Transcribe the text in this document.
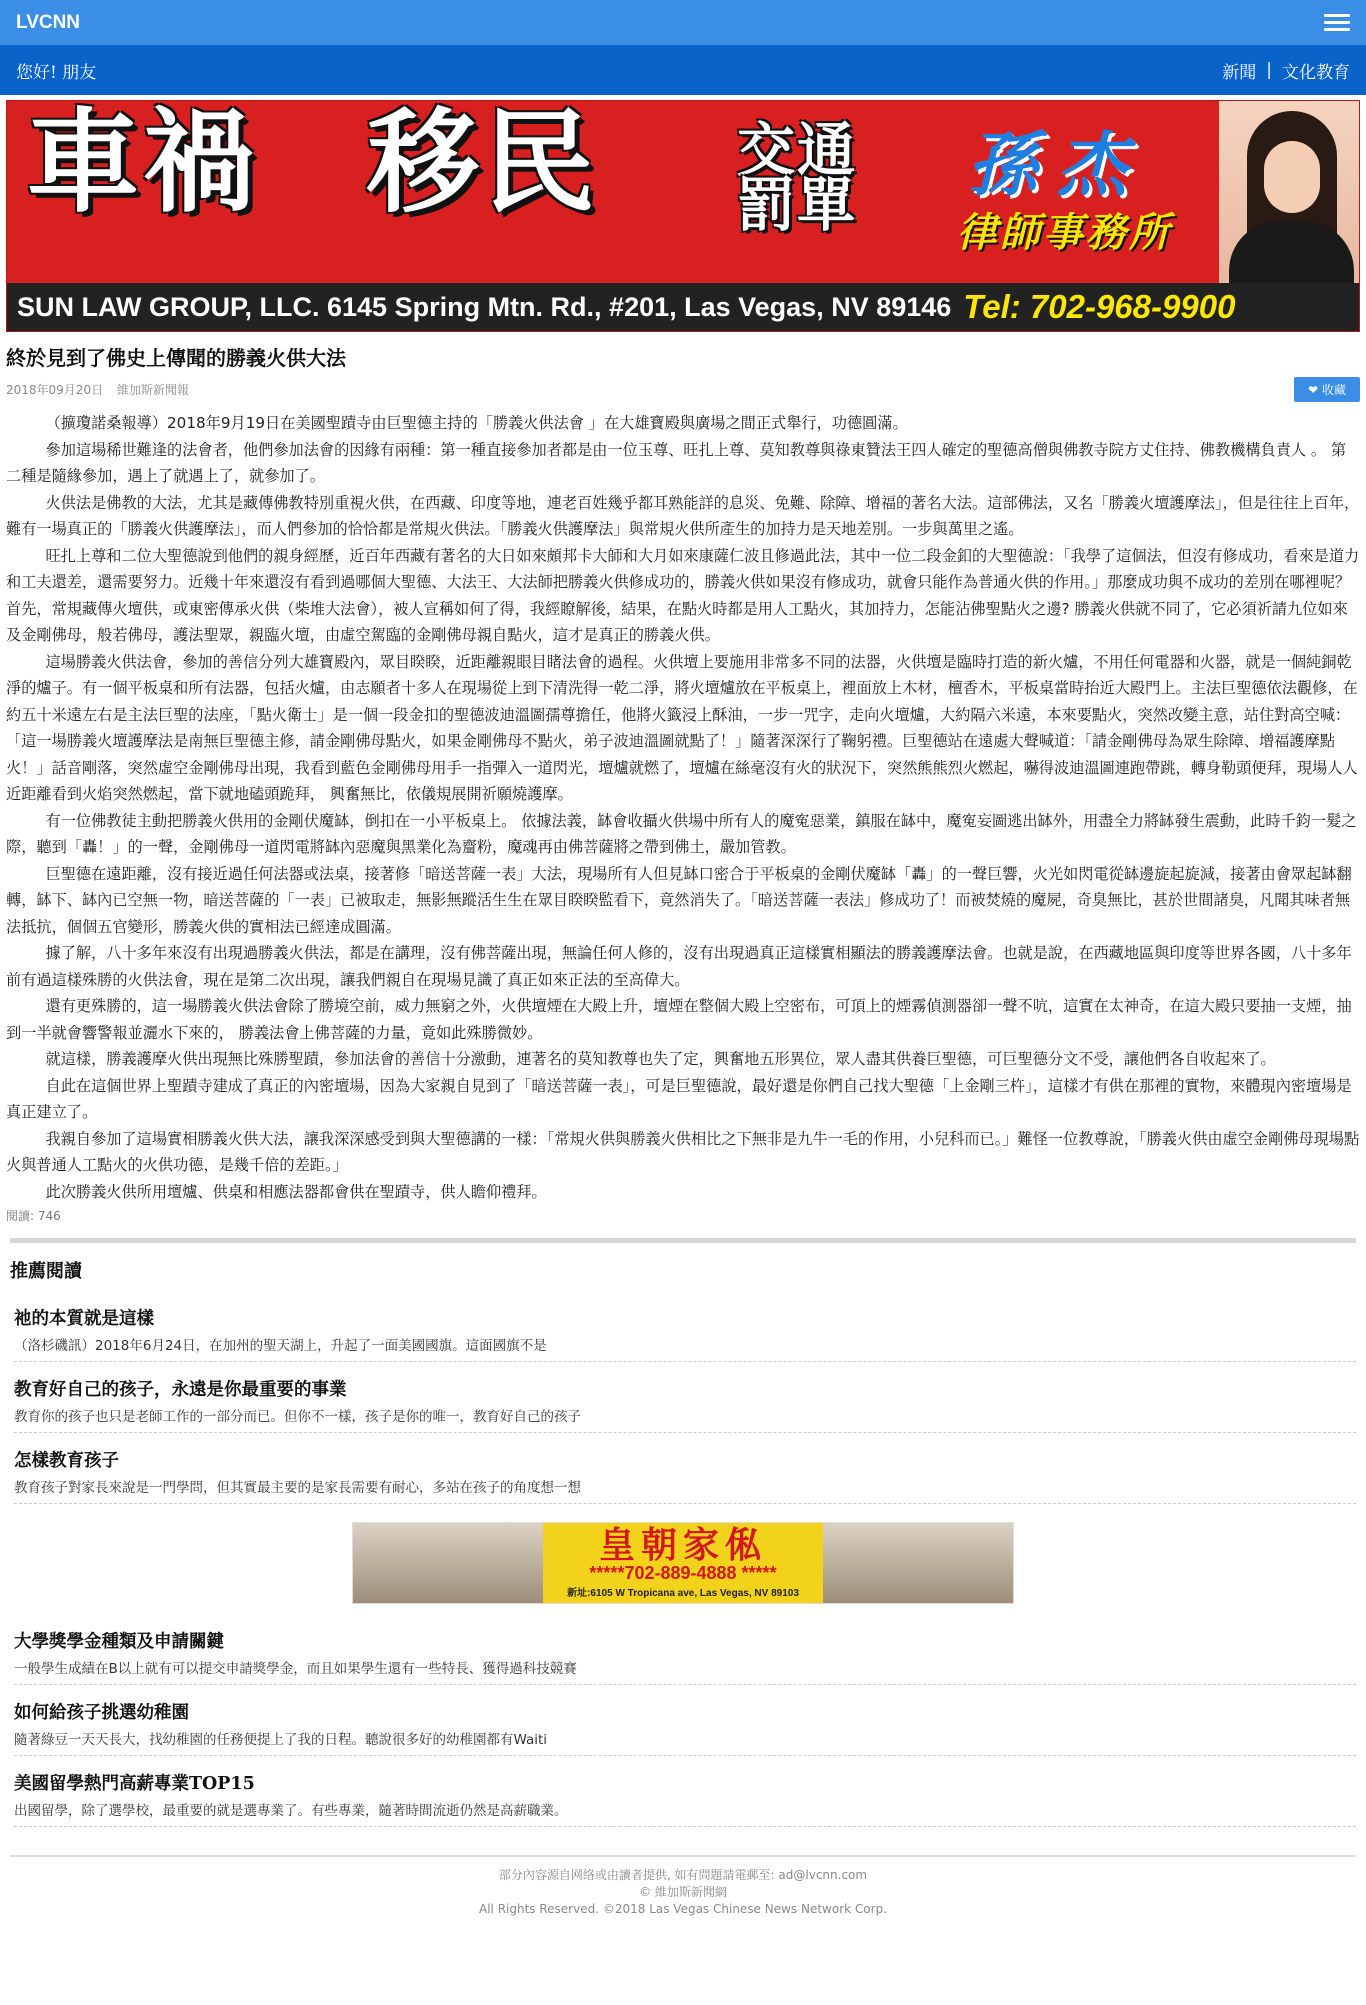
LVCNN
您好! 朋友	新聞 | 文化教育
車禍 移民 交通
罰單 孫杰
律師事務所
SUN LAW GROUP, LLC. 6145 Spring Mtn. Rd., #201, Las Vegas, NV 89146 Tel: 702-968-9900
終於見到了佛史上傳聞的勝義火供大法
2018年09月20日 維加斯新聞報	❤ 收藏

（擴瓊諾桑報導）2018年9月19日在美國聖蹟寺由巨聖德主持的「勝義火供法會 」在大雄寶殿與廣場之間正式舉行，功德圓滿。

參加這場稀世難逢的法會者，他們參加法會的因緣有兩種：第一種直接參加者都是由一位玉尊、旺扎上尊、莫知教尊與祿東贊法王四人確定的聖德高僧與佛教寺院方丈住持、佛教機構負責人 。 第二種是隨緣參加，遇上了就遇上了，就參加了。

火供法是佛教的大法，尤其是藏傳佛教特別重視火供，在西藏、印度等地，連老百姓幾乎都耳熟能詳的息災、免難、除障、增福的著名大法。這部佛法，又名「勝義火壇護摩法」，但是往往上百年，難有一場真正的「勝義火供護摩法」，而人們參加的恰恰都是常規火供法。「勝義火供護摩法」與常規火供所產生的加持力是天地差別。一步與萬里之遙。

旺扎上尊和二位大聖德說到他們的親身經歷，近百年西藏有著名的大日如來頗邦卡大師和大月如來康薩仁波且修過此法，其中一位二段金釦的大聖德說：「我學了這個法，但沒有修成功，看來是道力和工夫還差，還需要努力。近幾十年來還沒有看到過哪個大聖德、大法王、大法師把勝義火供修成功的，勝義火供如果沒有修成功，就會只能作為普通火供的作用。」那麼成功與不成功的差別在哪裡呢？ 首先，常規藏傳火壇供，或東密傳承火供（柴堆大法會），被人宣稱如何了得，我經瞭解後，結果，在點火時都是用人工點火，其加持力，怎能沾佛聖點火之邊? 勝義火供就不同了，它必須祈請九位如來及金剛佛母，般若佛母，護法聖眾，親臨火壇，由虛空駕臨的金剛佛母親自點火，這才是真正的勝義火供。

這場勝義火供法會，參加的善信分列大雄寶殿內，眾目睽睽，近距離親眼目睹法會的過程。火供壇上要施用非常多不同的法器，火供壇是臨時打造的新火爐，不用任何電器和火器，就是一個純銅乾淨的爐子。有一個平板桌和所有法器，包括火爐，由志願者十多人在現場從上到下清洗得一乾二淨，將火壇爐放在平板桌上，裡面放上木材，檀香木，平板桌當時抬近大殿門上。主法巨聖德依法觀修，在約五十米遠左右是主法巨聖的法座，「點火衛士」是一個一段金扣的聖德波迪溫圖孺尊擔任，他將火籤浸上酥油，一步一咒字，走向火壇爐，大約隔六米遠，本來要點火，突然改變主意，站住對高空喊：「這一場勝義火壇護摩法是南無巨聖德主修，請金剛佛母點火，如果金剛佛母不點火，弟子波迪溫圖就點了！」隨著深深行了鞠躬禮。巨聖德站在遠處大聲喊道：「請金剛佛母為眾生除障、增福護摩點火！」話音剛落，突然虛空金剛佛母出現，我看到藍色金剛佛母用手一指彈入一道閃光，壇爐就燃了，壇爐在絲毫沒有火的狀況下，突然熊熊烈火燃起，嚇得波迪溫圖連跑帶跳，轉身勒頭便拜，現場人人近距離看到火焰突然燃起，當下就地磕頭跪拜， 興奮無比，依儀規展開祈願燒護摩。

有一位佛教徒主動把勝義火供用的金剛伏魔缽，倒扣在一小平板桌上。 依據法義，缽會收攝火供場中所有人的魔寃惡業，鎮服在缽中，魔寃妄圖逃出缽外，用盡全力將缽發生震動，此時千鈞一髮之際，聽到「轟！」的一聲，金剛佛母一道閃電將缽內惡魔與黑業化為齏粉，魔魂再由佛菩薩將之帶到佛土，嚴加管教。

巨聖德在遠距離，沒有接近過任何法器或法桌，接著修「暗送菩薩一表」大法，現場所有人但見缽口密合于平板桌的金剛伏魔缽「轟」的一聲巨響，火光如閃電從缽邊旋起旋減，接著由會眾起缽翻轉，缽下、缽內已空無一物，暗送菩薩的「一表」已被取走，無影無蹤活生生在眾目睽睽監看下，竟然消失了。「暗送菩薩一表法」修成功了！而被焚燒的魔屍，奇臭無比，甚於世間諸臭，凡聞其味者無法抵抗，個個五官變形，勝義火供的實相法已經達成圓滿。

據了解，八十多年來沒有出現過勝義火供法，都是在講理，沒有佛菩薩出現，無論任何人修的，沒有出現過真正這樣實相顯法的勝義護摩法會。也就是說，在西藏地區與印度等世界各國，八十多年前有過這樣殊勝的火供法會，現在是第二次出現，讓我們親自在現場見識了真正如來正法的至高偉大。

還有更殊勝的，這一場勝義火供法會除了勝境空前，威力無窮之外，火供壇煙在大殿上升，壇煙在整個大殿上空密布，可頂上的煙霧偵測器卻一聲不吭，這實在太神奇，在這大殿只要抽一支煙，抽到一半就會響警報並灑水下來的， 勝義法會上佛菩薩的力量，竟如此殊勝微妙。

就這樣，勝義護摩火供出現無比殊勝聖蹟，參加法會的善信十分激動，連著名的莫知教尊也失了定，興奮地五形異位，眾人盡其供養巨聖德，可巨聖德分文不受，讓他們各自收起來了。

自此在這個世界上聖蹟寺建成了真正的內密壇場，因為大家親自見到了「暗送菩薩一表」，可是巨聖德說，最好還是你們自己找大聖德「上金剛三杵」，這樣才有供在那裡的實物，來體現內密壇場是真正建立了。

我親自參加了這場實相勝義火供大法，讓我深深感受到與大聖德講的一樣：「常規火供與勝義火供相比之下無非是九牛一毛的作用，小兒科而已。」難怪一位教尊說，「勝義火供由虛空金剛佛母現場點火與普通人工點火的火供功德，是幾千倍的差距。」

此次勝義火供所用壇爐、供桌和相應法器都會供在聖蹟寺，供人瞻仰禮拜。

閱讀: 746
推薦閱讀
祂的本質就是這樣
（洛杉磯訊）2018年6月24日，在加州的聖天湖上，升起了一面美國國旗。這面國旗不是
教育好自己的孩子，永遠是你最重要的事業
教育你的孩子也只是老師工作的一部分而已。但你不一樣，孩子是你的唯一，教育好自己的孩子
怎樣教育孩子
教育孩子對家長來說是一門學問，但其實最主要的是家長需要有耐心，多站在孩子的角度想一想
皇朝家俬
*****702-889-4888 *****
新址:6105 W Tropicana ave, Las Vegas, NV 89103
大學獎學金種類及申請關鍵
一般學生成績在B以上就有可以提交申請獎學金，而且如果學生還有一些特長、獲得過科技競賽
如何給孩子挑選幼稚園
隨著綠豆一天天長大，找幼稚園的任務便提上了我的日程。聽說很多好的幼稚園都有Waiti
美國留學熱門高薪專業TOP15
出國留學，除了選學校，最重要的就是選專業了。有些專業，隨著時間流逝仍然是高薪職業。
部分內容源自网络或由讀者提供, 如有問題請電郵至: ad@lvcnn.com
© 維加斯新聞網
All Rights Reserved. ©2018 Las Vegas Chinese News Network Corp.
